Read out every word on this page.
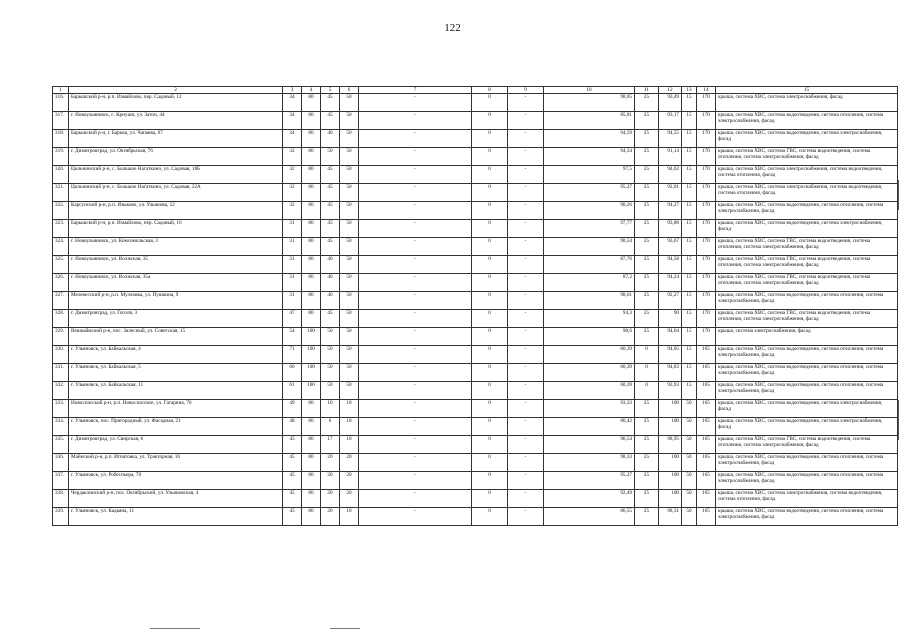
122
1	2	3	4	5	6	7	8	9	10	11	12	13	14	15
316.	Барышский р-н, р.п. Измайлово, пер. Садовый, 12	34	80	45	50	-	0	-	98,05	25	93,49	15	170	крыша, система ХВС, система электроснабжения, фасад
317.	г. Новоульяновск, с. Криуши, ул. Затон, 44	34	80	45	50	-	0	-	85,81	25	93,17	15	170	крыша, система ХВС, система водоотведения, система отопления, система электроснабжения, фасад
318.	Барышский р-н, г. Барыш, ул. Чапаева, 67	34	80	40	50	-	0	-	94,59	25	94,55	15	170	крыша, система ХВС, система водоотведения, система электроснабжения, фасад
319.	г. Димитровград, ул. Октябрьская, 76	32	80	50	50	-	0	-	94,34	25	91,14	15	170	крыша, система ХВС, система ГВС, система водоотведения, система отопления, система электроснабжения, фасад
320.	Цильнинский р-н, с. Большое Нагаткино, ул. Садовая, 18Б	32	80	45	50	-	0	-	97,5	25	94,62	15	170	крыша, система ХВС, система электроснабжения, система водоотведения, система отопления, фасад
321.	Цильнинский р-н, с. Большое Нагаткино, ул. Садовая, 22А	32	80	45	50	-	0	-	95,27	25	92,01	15	170	крыша, система ХВС, система электроснабжения, система водоотведения, система отопления, фасад
322.	Карсунский р-н, р.п. Языково, ул. Ульянова, 12	32	80	45	50	-	0	-	90,26	25	94,27	15	170	крыша, система ХВС, система водоотведения, система отопления, система электроснабжения, фасад
323.	Барышский р-н, р.п. Измайлово, пер. Садовый, 16	31	80	45	50	-	0	-	97,77	25	93,88	15	170	крыша, система ХВС, система водоотведения, система электроснабжения, фасад
324.	г. Новоульяновск, ул. Комсомольская, 3	31	80	45	50	-	0	-	90,54	25	93,67	15	170	крыша, система ХВС, система ГВС, система водоотведения, система отопления, система электроснабжения, фасад
325.	г. Новоульяновск, ул. Волжская, 35	31	80	40	50	-	0	-	87,76	25	94,58	15	170	крыша, система ХВС, система ГВС, система водоотведения, система отопления, система электроснабжения, фасад
326.	г. Новоульяновск, ул. Волжская, 35а	31	80	40	50	-	0	-	87,2	25	94,24	15	170	крыша, система ХВС, система ГВС, система водоотведения, система отопления, система электроснабжения, фасад
327.	Мелекесский р-н, р.п. Мулловка, ул. Пушкина, 9	31	80	40	50	-	0	-	98,61	25	92,27	15	170	крыша, система ХВС, система водоотведения, система отопления, система электроснабжения, фасад
328.	г. Димитровград, ул. Гоголя, 3	47	80	45	50	-	0	-	94,3	25	90	15	170	крыша, система ХВС, система ГВС, система водоотведения, система отопления, система электроснабжения, фасад
329.	Вешкаймский р-н, пос. Залесный, ул. Советская, 15	54	100	50	50	-	0	-	98,6	25	94,64	15	170	крыша, система электроснабжения, фасад
330.	г. Ульяновск, ул. Байкальская, 4	71	100	50	50	-	0	-	60,39	0	94,05	15	165	крыша, система ХВС, система водоотведения, система отопления, система электроснабжения, фасад
331.	г. Ульяновск, ул. Байкальская, 5	66	100	50	50	-	0	-	60,39	0	94,83	15	165	крыша, система ХВС, система водоотведения, система отопления, система электроснабжения, фасад
332.	г. Ульяновск, ул. Байкальская, 11	61	100	50	50	-	0	-	60,39	0	93,93	15	165	крыша, система ХВС, система водоотведения, система отопления, система электроснабжения, фасад
333.	Новоспасский р-н, р.п. Новоспасское, ул. Гагарина, 70	49	80	10	10	-	0	-	93,33	25	100	50	165	крыша, система ХВС, система водоотведения, система электроснабжения, фасад
334.	г. Ульяновск, пос. Пригородный, ул. Фасадная, 21	48	80	6	10	-	0	-	80,42	25	100	50	165	крыша, система ХВС, система водоотведения, система электроснабжения, фасад
335.	г. Димитровград, ул. Свирская, 6	45	80	17	10	-	0	-	96,54	25	98,95	50	165	крыша, система ХВС, система ГВС, система водоотведения, система отопления, система электроснабжения, фасад
336.	Майнский р-н, р.п. Игнатовка, ул. Тракторная, 16	45	80	20	20	-	0	-	98,33	25	100	50	165	крыша, система ХВС, система водоотведения, система отопления, система электроснабжения, фасад
337.	г. Ульяновск, ул. Робеспьера, 70	45	80	20	20	-	0	-	95,27	25	100	50	165	крыша, система ХВС, система водоотведения, система отопления, система электроснабжения, фасад
338.	Чердаклинский р-н, пос. Октябрьский, ул. Ульяновская, 4	45	80	20	20	-	0	-	92,49	25	100	50	165	крыша, система ХВС, система электроснабжения, система водоотведения, система отопления, фасад
339.	г. Ульяновск, ул. Кадьяна, 11	45	80	20	10	-	0	-	86,55	25	98,31	50	165	крыша, система ХВС, система водоотведения, система отопления, система электроснабжения, фасад
